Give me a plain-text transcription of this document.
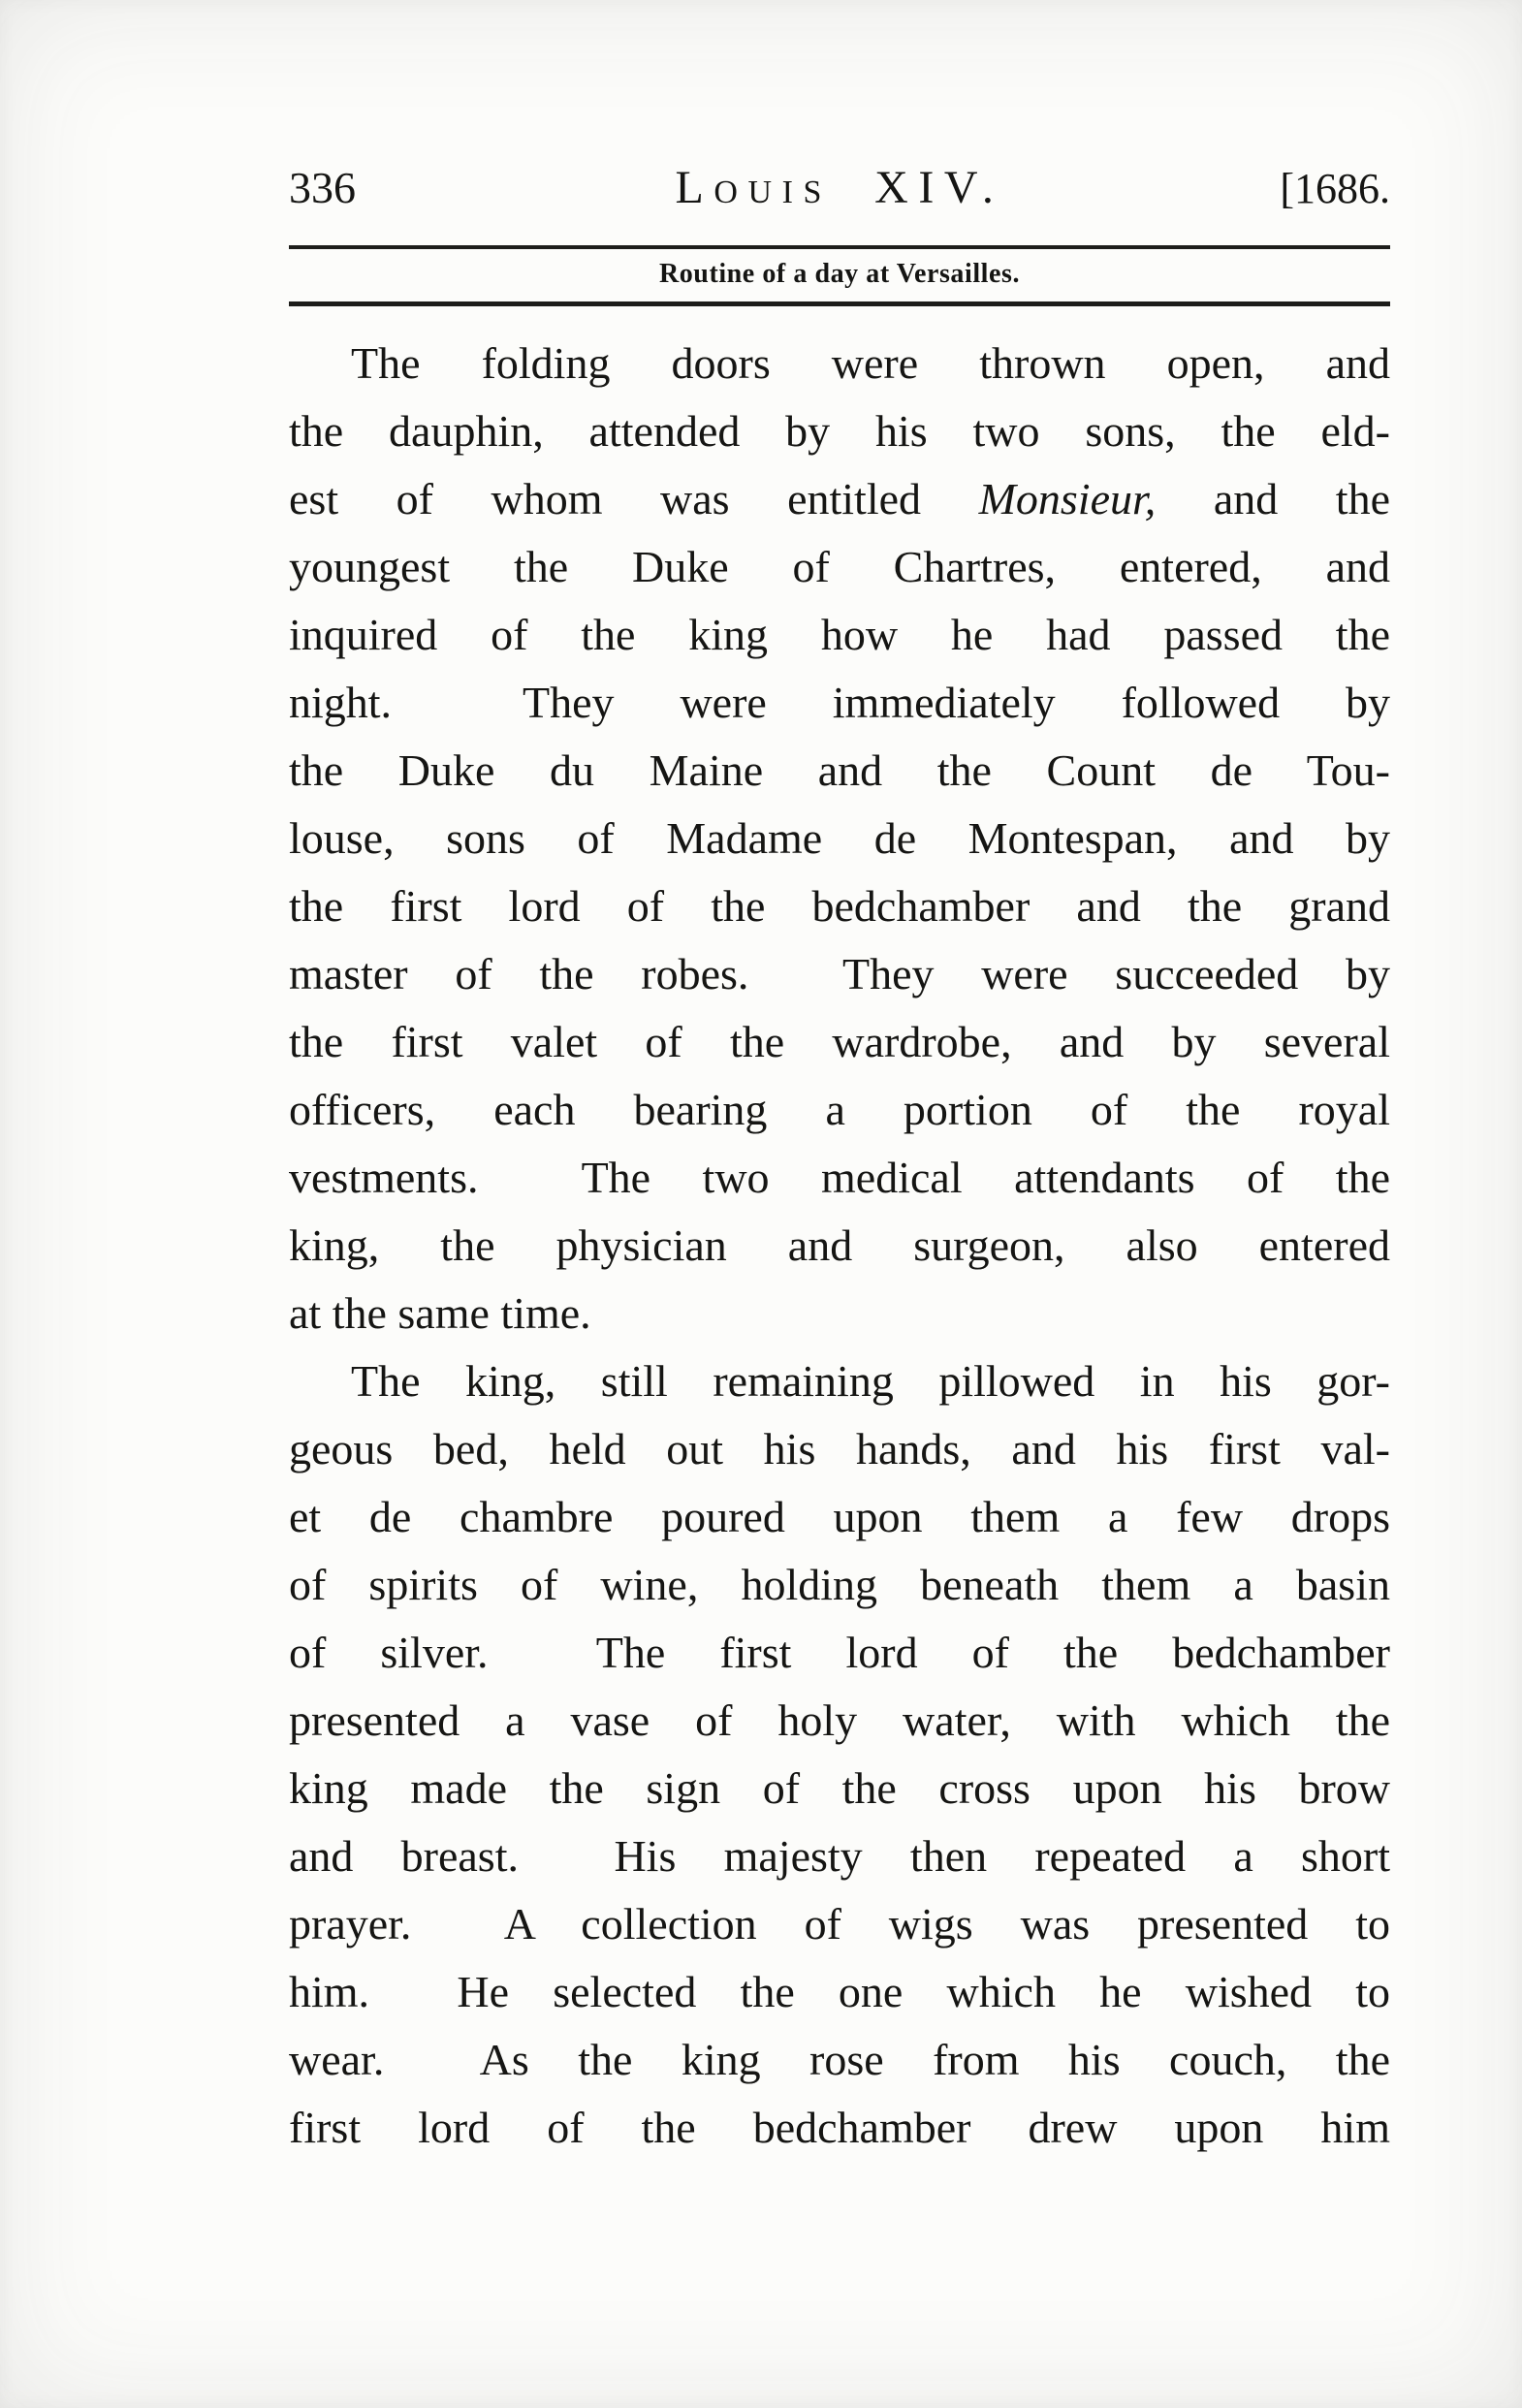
336	Louis XIV.	[1686.
Routine of a day at Versailles.
The folding doors were thrown open, and
the dauphin, attended by his two sons, the eld-
est of whom was entitled Monsieur, and the
youngest the Duke of Chartres, entered, and
inquired of the king how he had passed the
night.  They were immediately followed by
the Duke du Maine and the Count de Tou-
louse, sons of Madame de Montespan, and by
the first lord of the bedchamber and the grand
master of the robes.  They were succeeded by
the first valet of the wardrobe, and by several
officers, each bearing a portion of the royal
vestments.  The two medical attendants of the
king, the physician and surgeon, also entered
at the same time.
The king, still remaining pillowed in his gor-
geous bed, held out his hands, and his first val-
et de chambre poured upon them a few drops
of spirits of wine, holding beneath them a basin
of silver.  The first lord of the bedchamber
presented a vase of holy water, with which the
king made the sign of the cross upon his brow
and breast.  His majesty then repeated a short
prayer.  A collection of wigs was presented to
him.  He selected the one which he wished to
wear.  As the king rose from his couch, the
first lord of the bedchamber drew upon him
